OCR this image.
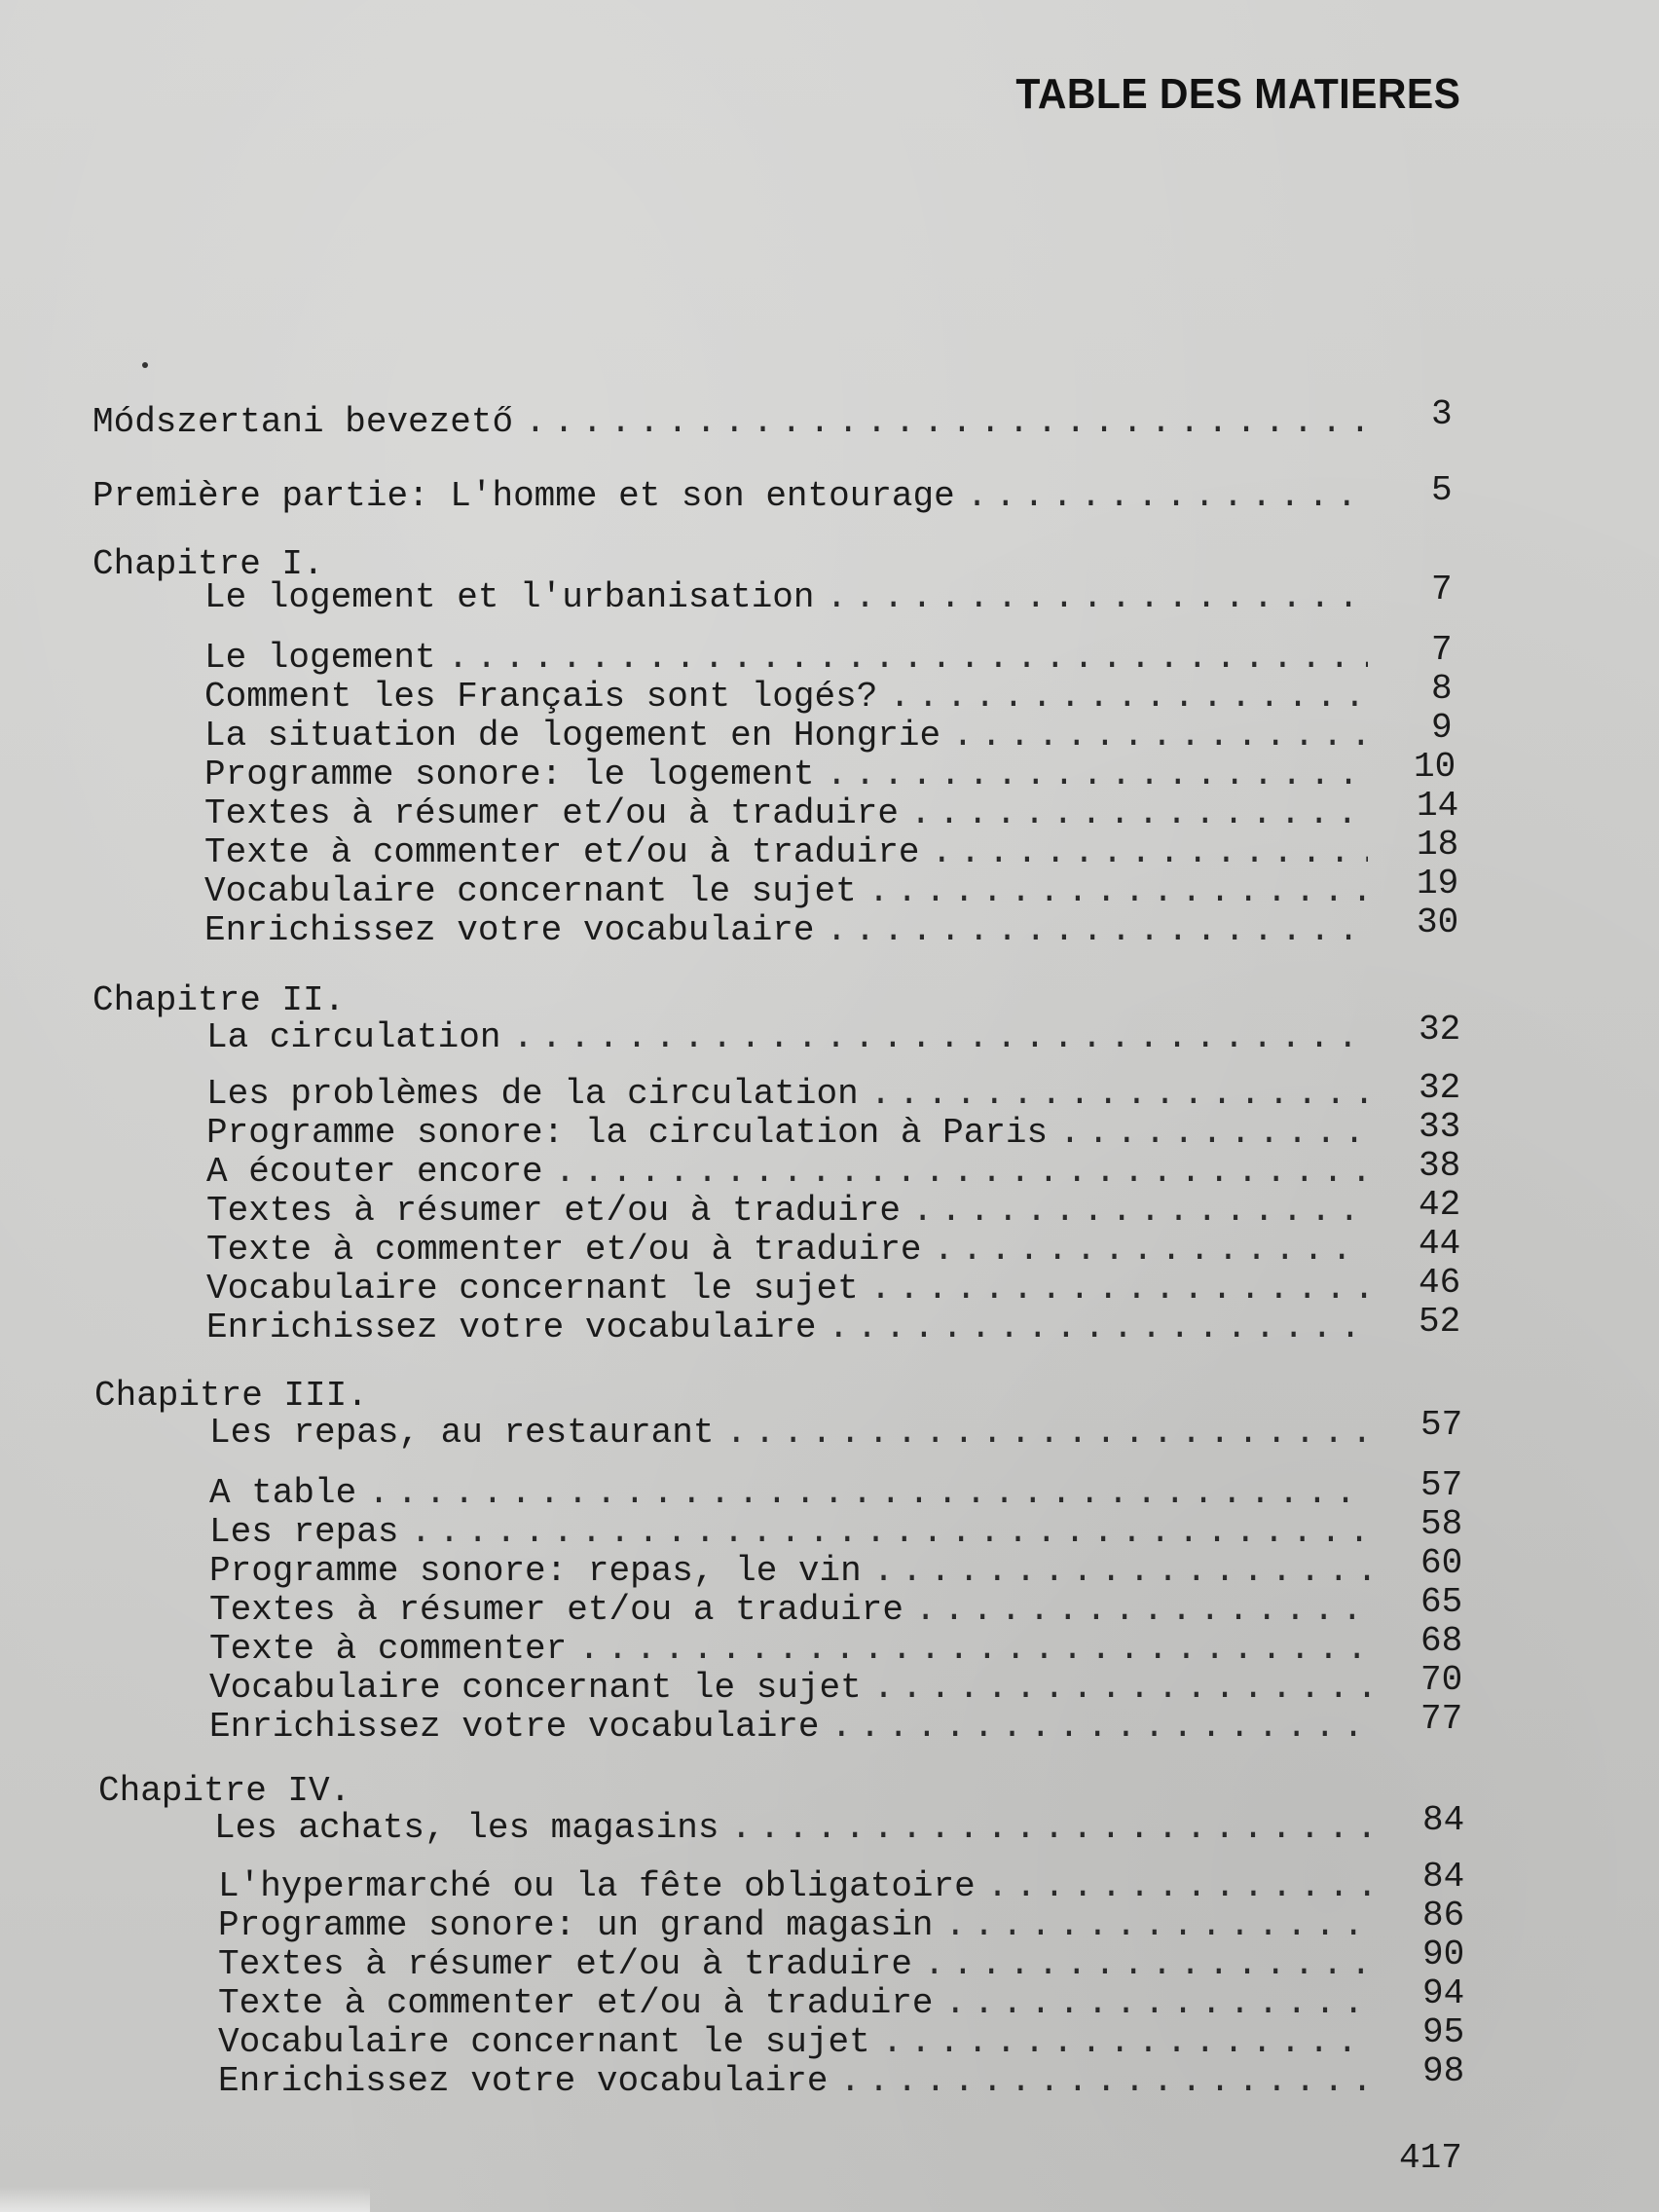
TABLE DES MATIERES
Módszertani bevezető . . .	3
Première partie: L'homme et son entourage . . .	5
Chapitre I.
Le logement et l'urbanisation . . .	7
Le logement . . .	7
Comment les Français sont logés? . . .	8
La situation de logement en Hongrie . . .	9
Programme sonore: le logement . . .	10
Textes à résumer et/ou à traduire . . .	14
Texte à commenter et/ou à traduire . . .	18
Vocabulaire concernant le sujet . . .	19
Enrichissez votre vocabulaire . . .	30
Chapitre II.
La circulation . . .	32
Les problèmes de la circulation . . .	32
Programme sonore: la circulation à Paris . . .	33
A écouter encore . . .	38
Textes à résumer et/ou à traduire . . .	42
Texte à commenter et/ou à traduire . . .	44
Vocabulaire concernant le sujet . . .	46
Enrichissez votre vocabulaire . . .	52
Chapitre III.
Les repas, au restaurant . . .	57
A table . . .	57
Les repas . . .	58
Programme sonore: repas, le vin . . .	60
Textes à résumer et/ou a traduire . . .	65
Texte à commenter . . .	68
Vocabulaire concernant le sujet . . .	70
Enrichissez votre vocabulaire . . .	77
Chapitre IV.
Les achats, les magasins . . .	84
L'hypermarché ou la fête obligatoire . . .	84
Programme sonore: un grand magasin . . .	86
Textes à résumer et/ou à traduire . . .	90
Texte à commenter et/ou à traduire . . .	94
Vocabulaire concernant le sujet . . .	95
Enrichissez votre vocabulaire . . .	98
417
